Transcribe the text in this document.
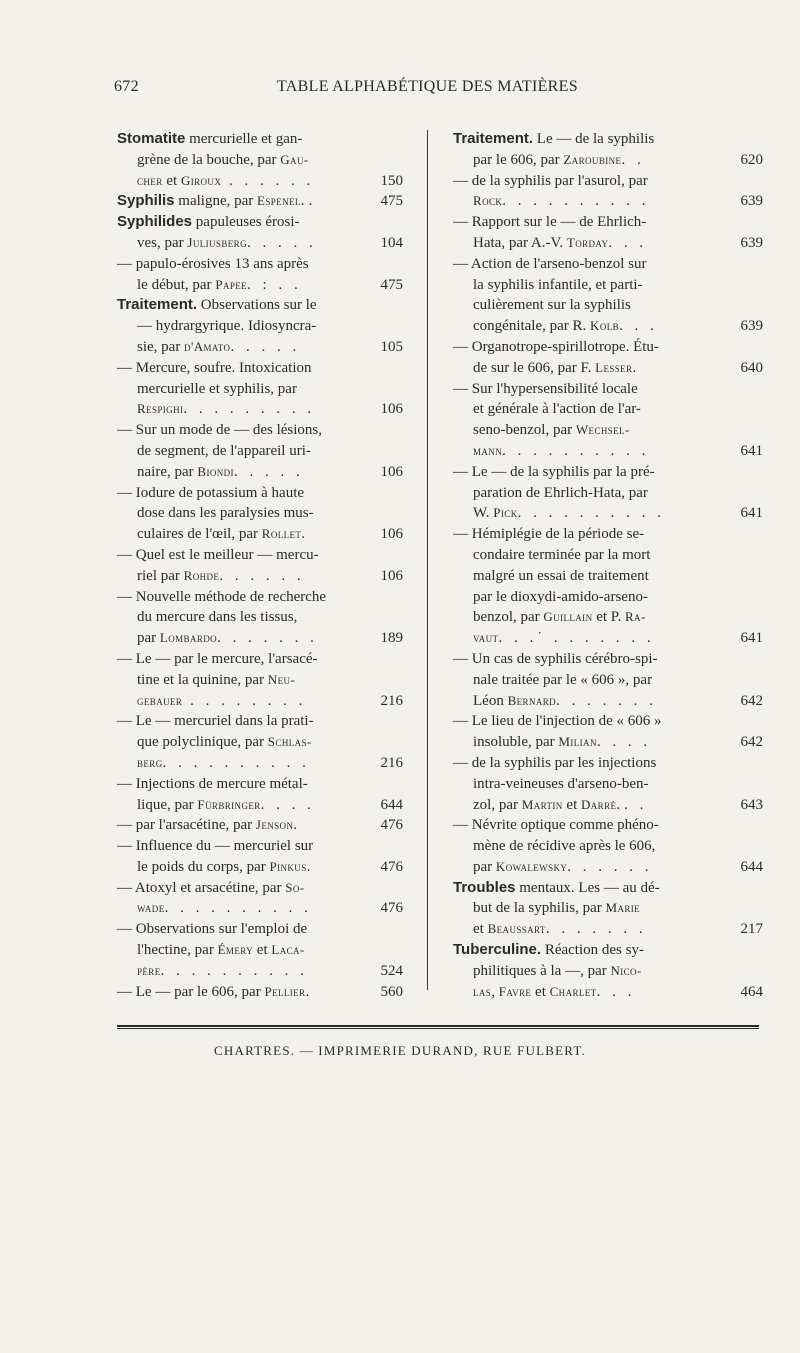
672	TABLE ALPHABÉTIQUE DES MATIÈRES
Stomatite mercurielle et gan-
grène de la bouche, par Gau-
cher et Giroux . . . . . .	150
Syphilis maligne, par Espenel..	475
Syphilides papuleuses érosi-
ves, par Juliusberg. . . . .	104
— papulo-érosives 13 ans après
le début, par Papee. : . .	475
Traitement. Observations sur le
— hydrargyrique. Idiosyncra-
sie, par d'Amato. . . . .	105
— Mercure, soufre. Intoxication
mercurielle et syphilis, par
Respighi. . . . . . . . .	106
— Sur un mode de — des lésions,
de segment, de l'appareil uri-
naire, par Biondi. . . . .	106
— Iodure de potassium à haute
dose dans les paralysies mus-
culaires de l'œil, par Rollet.	106
— Quel est le meilleur — mercu-
riel par Rohde. . . . . .	106
— Nouvelle méthode de recherche
du mercure dans les tissus,
par Lombardo. . . . . . .	189
— Le — par le mercure, l'arsacé-
tine et la quinine, par Neu-
gebauer . . . . . . . .	216
— Le — mercuriel dans la prati-
que polyclinique, par Schlas-
berg. . . . . . . . . .	216
— Injections de mercure métal-
lique, par Fürbringer. . . .	644
— par l'arsacétine, par Jenson.	476
— Influence du — mercuriel sur
le poids du corps, par Pinkus.	476
— Atoxyl et arsacétine, par So-
wade. . . . . . . . . .	476
— Observations sur l'emploi de
l'hectine, par Émery et Laca-
père. . . . . . . . . .	524
— Le — par le 606, par Pellier.	560
Traitement. Le — de la syphilis
par le 606, par Zaroubine. .	620
— de la syphilis par l'asurol, par
Rock. . . . . . . . . .	639
— Rapport sur le — de Ehrlich-
Hata, par A.-V. Torday. . .	639
— Action de l'arseno-benzol sur
la syphilis infantile, et parti-
culièrement sur la syphilis
congénitale, par R. Kolb. . .	639
— Organotrope-spirillotrope. Étu-
de sur le 606, par F. Lesser.	640
— Sur l'hypersensibilité locale
et générale à l'action de l'ar-
seno-benzol, par Wechsel-
mann. . . . . . . . . .	641
— Le — de la syphilis par la pré-
paration de Ehrlich-Hata, par
W. Pick. . . . . . . . . .	641
— Hémiplégie de la période se-
condaire terminée par la mort
malgré un essai de traitement
par le dioxydi-amido-arseno-
benzol, par Guillain et P. Ra-
vaut. . .˙ . . . . . . .	641
— Un cas de syphilis cérébro-spi-
nale traitée par le « 606 », par
Léon Bernard. . . . . . .	642
— Le lieu de l'injection de « 606 »
insoluble, par Milian. . . .	642
— de la syphilis par les injections
intra-veineuses d'arseno-ben-
zol, par Martin et Darré.. .	643
— Névrite optique comme phéno-
mène de récidive après le 606,
par Kowalewsky. . . . . .	644
Troubles mentaux. Les — au dé-
but de la syphilis, par Marie
et Beaussart. . . . . . .	217
Tuberculine. Réaction des sy-
philitiques à la —, par Nico-
las, Favre et Charlet. . .	464
CHARTRES. — IMPRIMERIE DURAND, RUE FULBERT.
